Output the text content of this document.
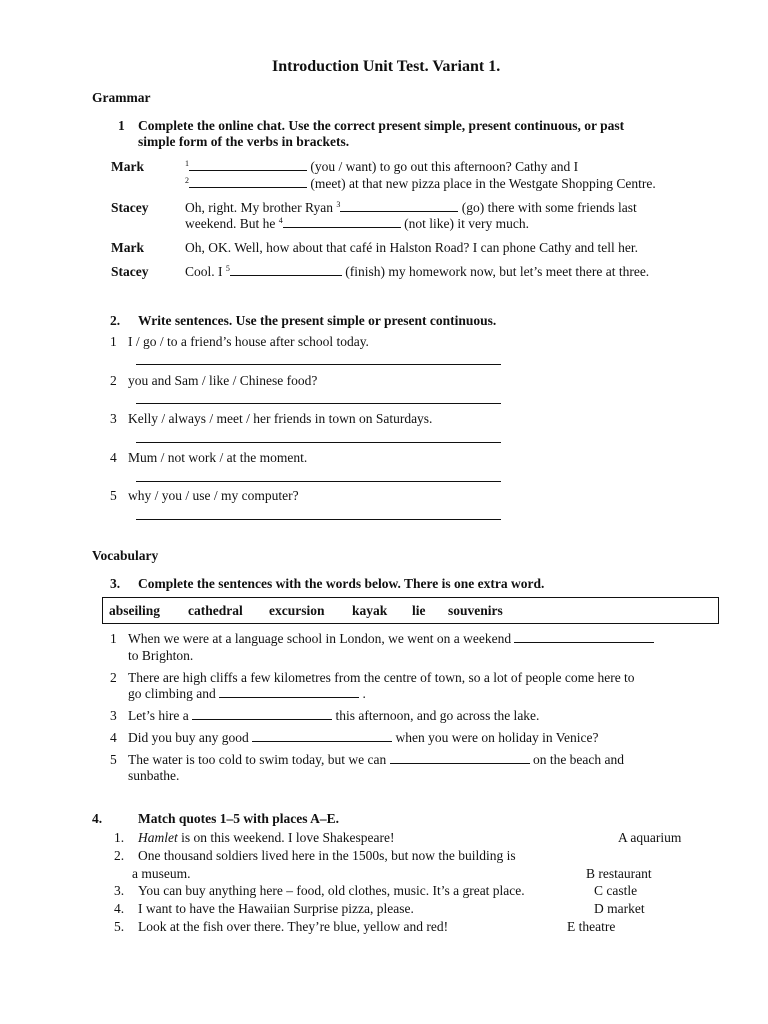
Introduction Unit Test. Variant 1.
Grammar
1 Complete the online chat. Use the correct present simple, present continuous, or past
simple form of the verbs in brackets.
Mark	$^1$	(you / want) to go out this afternoon? Cathy and I
$^2$	(meet) at that new pizza place in the Westgate Shopping Centre.
Stacey	Oh, right. My brother Ryan $^3$	(go) there with some friends last
weekend. But he $^4$	(not like) it very much.
Mark	Oh, OK. Well, how about that café in Halston Road? I can phone Cathy and tell her.
Stacey	Cool. I $^5$	(finish) my homework now, but let’s meet there at three.
2. Write sentences. Use the present simple or present continuous.
1 I / go / to a friend’s house after school today.
2 you and Sam / like / Chinese food?
3 Kelly / always / meet / her friends in town on Saturdays.
4 Mum / not work / at the moment.
5 why / you / use / my computer?
Vocabulary
3. Complete the sentences with the words below. There is one extra word.
abseiling cathedral excursion kayak lie souvenirs
1 When we were at a language school in London, we went on a weekend
to Brighton.
2 There are high cliffs a few kilometres from the centre of town, so a lot of people come here to
go climbing and	.
3 Let’s hire a	this afternoon, and go across the lake.
4 Did you buy any good	when you were on holiday in Venice?
5 The water is too cold to swim today, but we can	on the beach and
sunbathe.
4.	Match quotes 1–5 with places A–E.
1. Hamlet is on this weekend. I love Shakespeare!	A aquarium
2. One thousand soldiers lived here in the 1500s, but now the building is
a museum.	B restaurant
3. You can buy anything here – food, old clothes, music. It’s a great place.	C castle
4. I want to have the Hawaiian Surprise pizza, please.	D market
5. Look at the fish over there. They’re blue, yellow and red!	E theatre
